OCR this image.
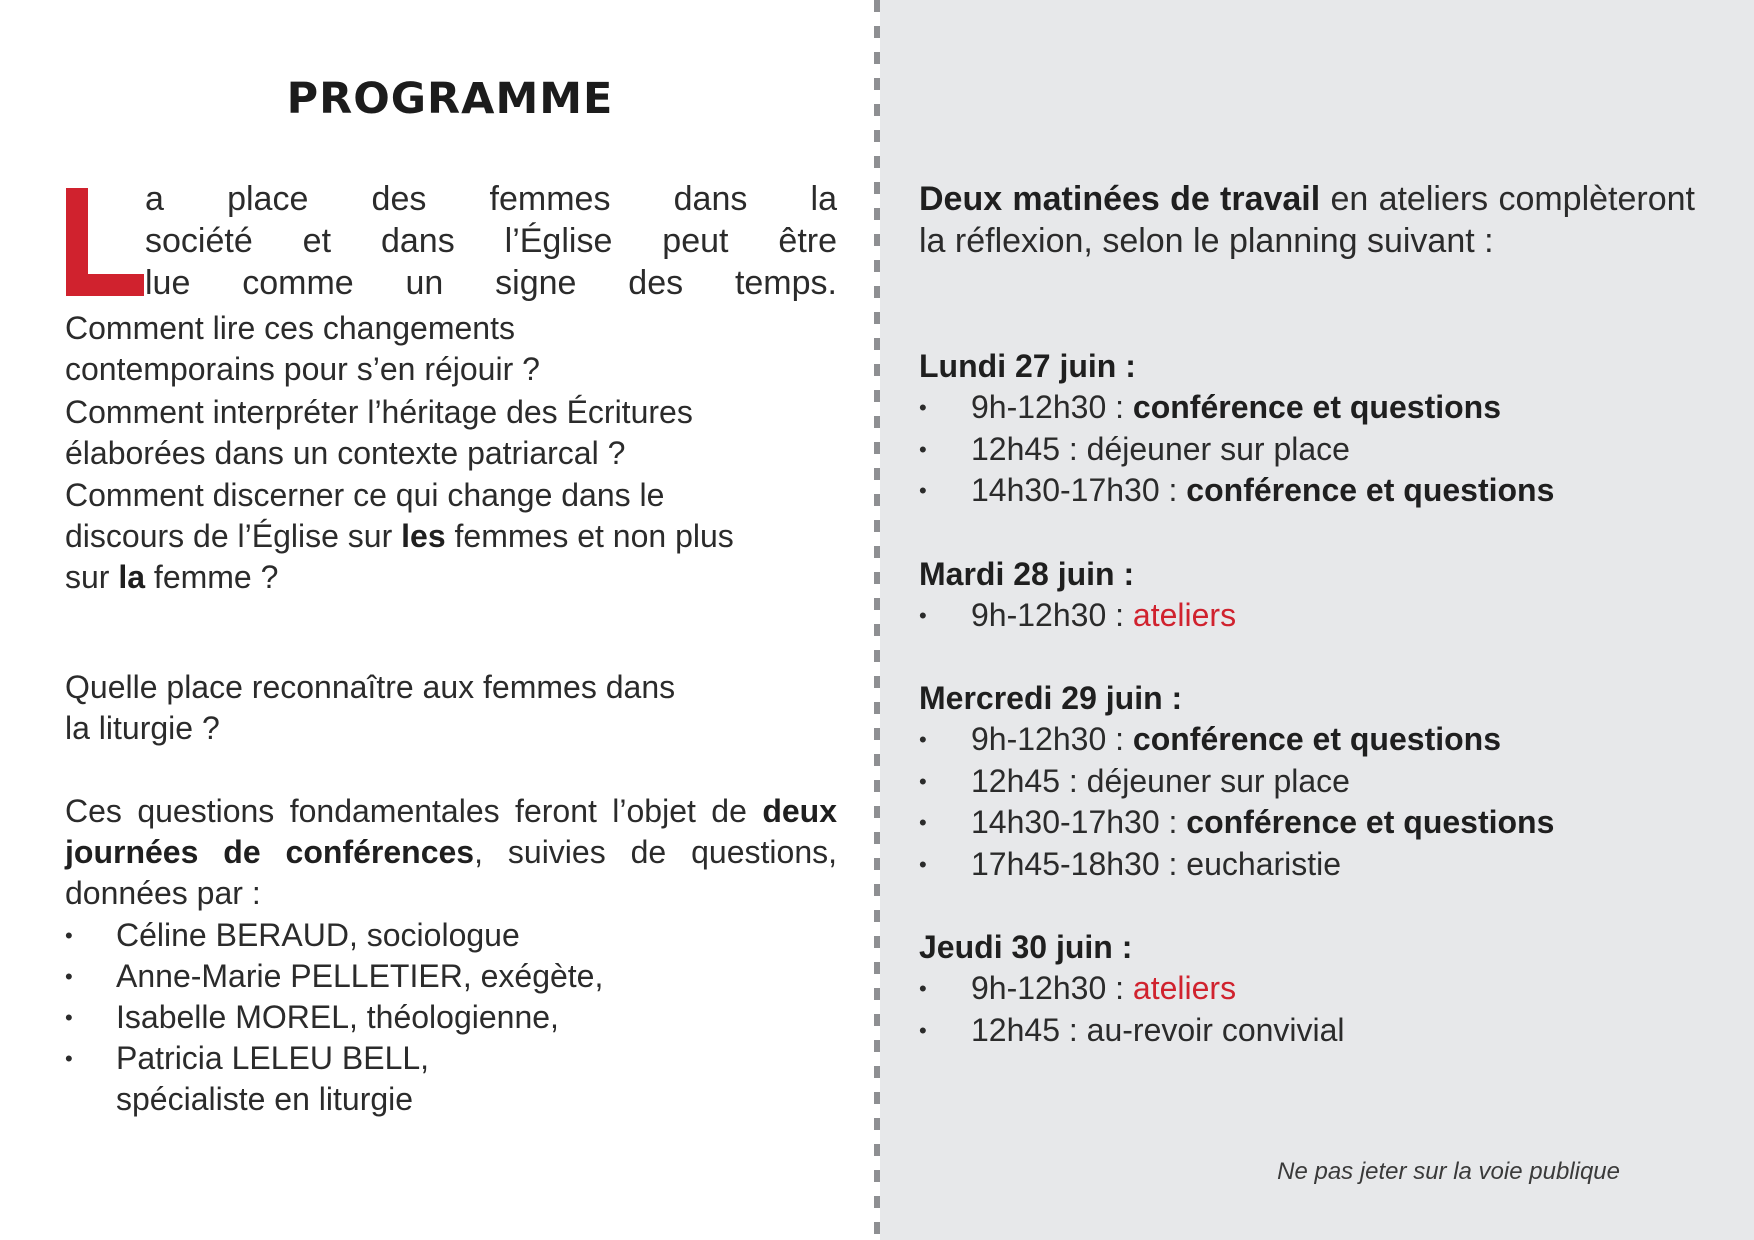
PROGRAMME
a place des femmes dans la
société et dans l’Église peut être
lue comme un signe des temps.

Comment lire ces changements contemporains pour s’en réjouir ?

Comment interpréter l’héritage des Écritures élaborées dans un contexte patriarcal ?

Comment discerner ce qui change dans le discours de l’Église sur les femmes et non plus sur la femme ?

Quelle place reconnaître aux femmes dans la liturgie ?

Ces questions fondamentales feront l’objet de deux journées de conférences, suivies de questions, données par :

• Céline BERAUD, sociologue
• Anne-Marie PELLETIER, exégète,
• Isabelle MOREL, théologienne,
• Patricia LELEU BELL, spécialiste en liturgie

Deux matinées de travail en ateliers complèteront la réflexion, selon le planning suivant :

Lundi 27 juin :
• 9h-12h30 : conférence et questions
• 12h45 : déjeuner sur place
• 14h30-17h30 : conférence et questions
Mardi 28 juin :
• 9h-12h30 : ateliers
Mercredi 29 juin :
• 9h-12h30 : conférence et questions
• 12h45 : déjeuner sur place
• 14h30-17h30 : conférence et questions
• 17h45-18h30 : eucharistie
Jeudi 30 juin :
• 9h-12h30 : ateliers
• 12h45 : au-revoir convivial
Ne pas jeter sur la voie publique
